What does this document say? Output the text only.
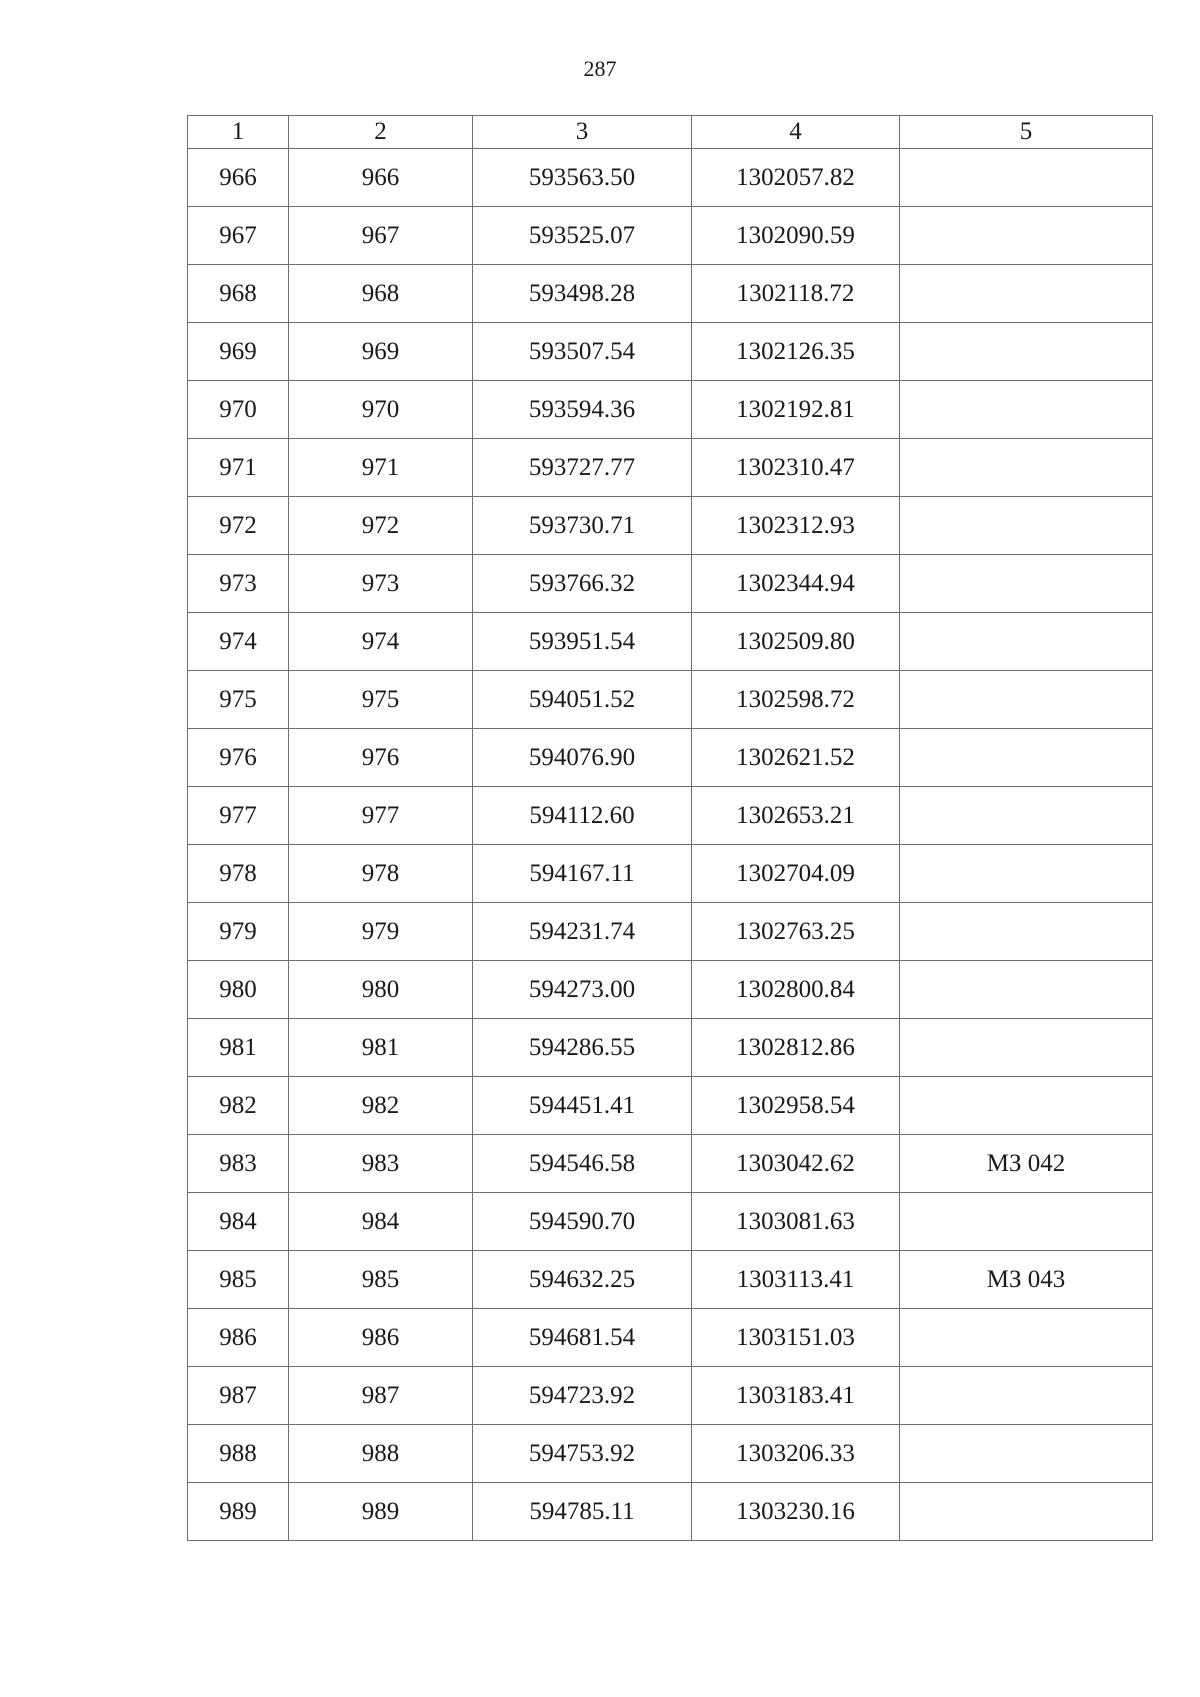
287
1	2	3	4	5
966	966	593563.50	1302057.82	
967	967	593525.07	1302090.59	
968	968	593498.28	1302118.72	
969	969	593507.54	1302126.35	
970	970	593594.36	1302192.81	
971	971	593727.77	1302310.47	
972	972	593730.71	1302312.93	
973	973	593766.32	1302344.94	
974	974	593951.54	1302509.80	
975	975	594051.52	1302598.72	
976	976	594076.90	1302621.52	
977	977	594112.60	1302653.21	
978	978	594167.11	1302704.09	
979	979	594231.74	1302763.25	
980	980	594273.00	1302800.84	
981	981	594286.55	1302812.86	
982	982	594451.41	1302958.54	
983	983	594546.58	1303042.62	МЗ 042
984	984	594590.70	1303081.63	
985	985	594632.25	1303113.41	МЗ 043
986	986	594681.54	1303151.03	
987	987	594723.92	1303183.41	
988	988	594753.92	1303206.33	
989	989	594785.11	1303230.16	
